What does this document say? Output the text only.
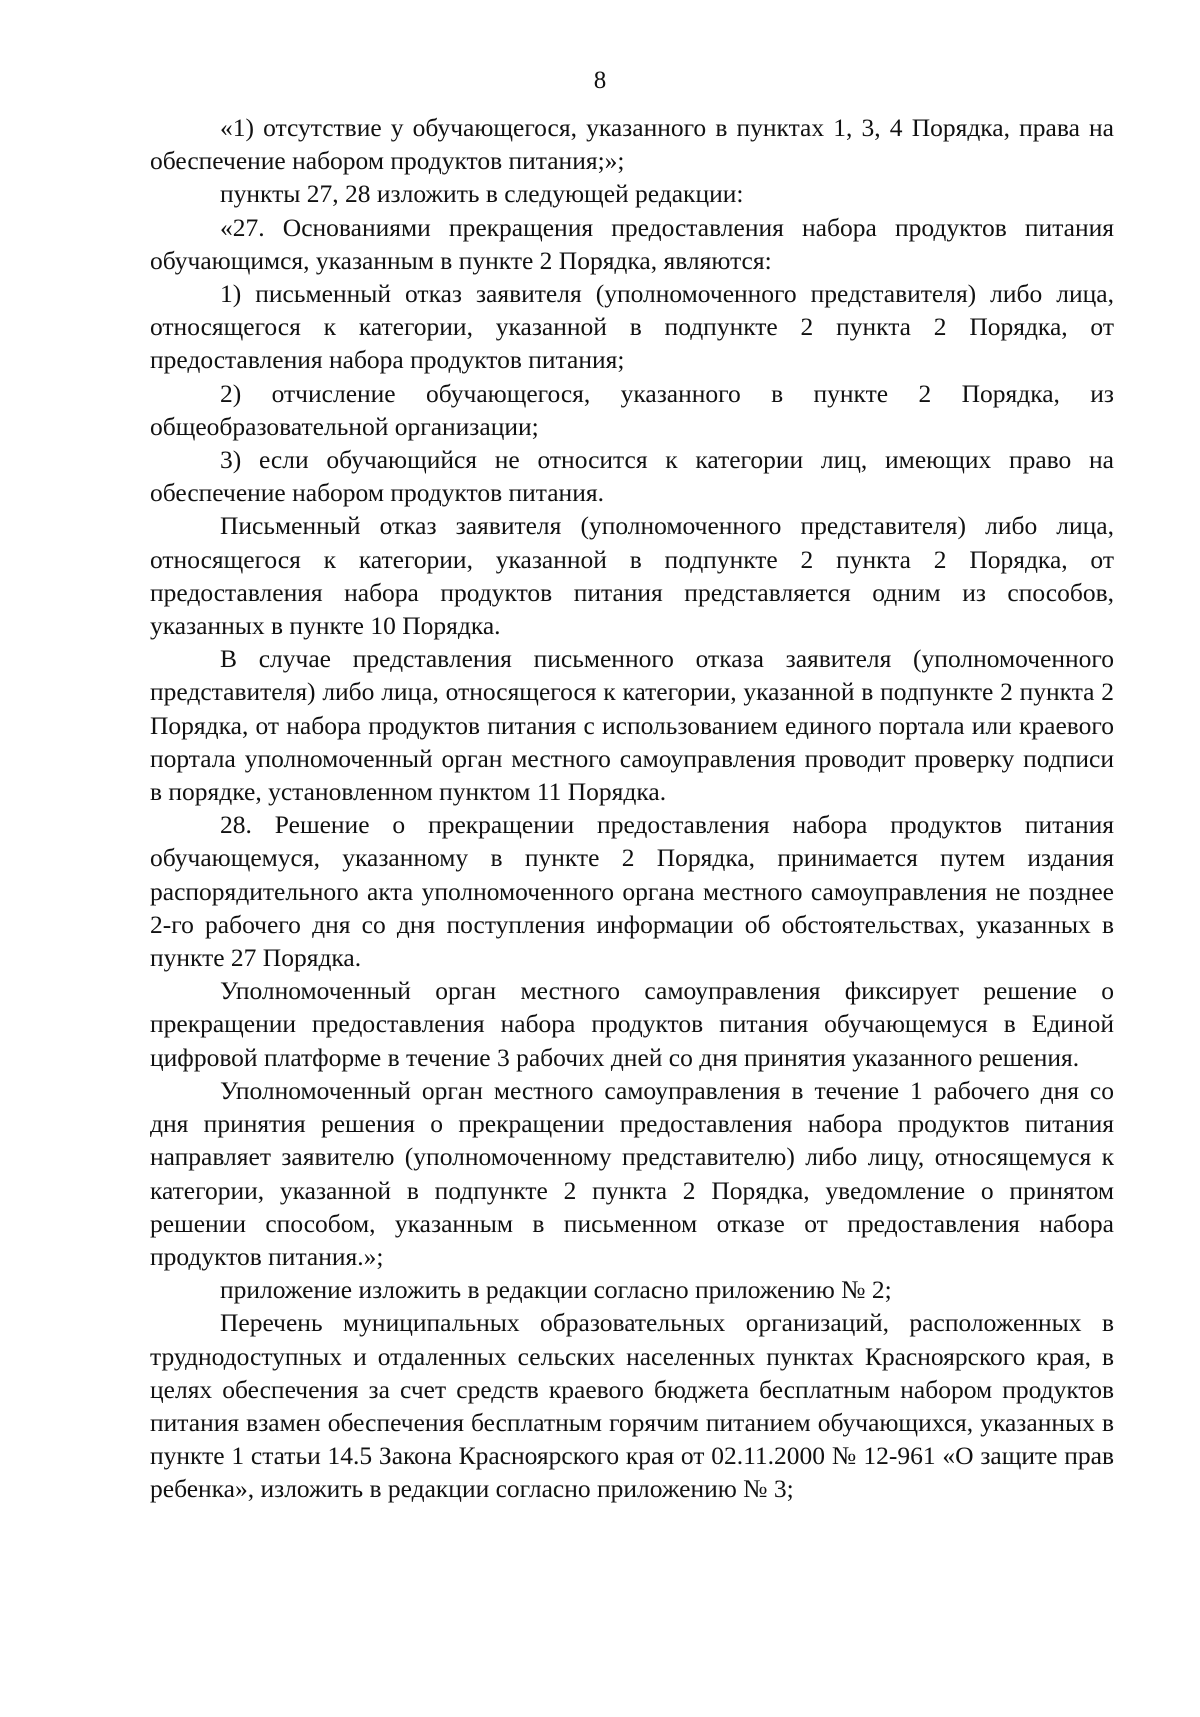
8

«1) отсутствие у обучающегося, указанного в пунктах 1, 3, 4 Порядка, права на обеспечение набором продуктов питания;»;

пункты 27, 28 изложить в следующей редакции:

«27. Основаниями прекращения предоставления набора продуктов питания обучающимся, указанным в пункте 2 Порядка, являются:

1) письменный отказ заявителя (уполномоченного представителя) либо лица, относящегося к категории, указанной в подпункте 2 пункта 2 Порядка, от предоставления набора продуктов питания;

2) отчисление обучающегося, указанного в пункте 2 Порядка, из общеобразовательной организации;

3) если обучающийся не относится к категории лиц, имеющих право на обеспечение набором продуктов питания.

Письменный отказ заявителя (уполномоченного представителя) либо лица, относящегося к категории, указанной в подпункте 2 пункта 2 Порядка, от предоставления набора продуктов питания представляется одним из способов, указанных в пункте 10 Порядка.

В случае представления письменного отказа заявителя (уполномоченного представителя) либо лица, относящегося к категории, указанной в подпункте 2 пункта 2 Порядка, от набора продуктов питания с использованием единого портала или краевого портала уполномоченный орган местного самоуправления проводит проверку подписи в порядке, установленном пунктом 11 Порядка.

28. Решение о прекращении предоставления набора продуктов питания обучающемуся, указанному в пункте 2 Порядка, принимается путем издания распорядительного акта уполномоченного органа местного самоуправления не позднее 2-го рабочего дня со дня поступления информации об обстоятельствах, указанных в пункте 27 Порядка.

Уполномоченный орган местного самоуправления фиксирует решение о прекращении предоставления набора продуктов питания обучающемуся в Единой цифровой платформе в течение 3 рабочих дней со дня принятия указанного решения.

Уполномоченный орган местного самоуправления в течение 1 рабочего дня со дня принятия решения о прекращении предоставления набора продуктов питания направляет заявителю (уполномоченному представителю) либо лицу, относящемуся к категории, указанной в подпункте 2 пункта 2 Порядка, уведомление о принятом решении способом, указанным в письменном отказе от предоставления набора продуктов питания.»;

приложение изложить в редакции согласно приложению № 2;

Перечень муниципальных образовательных организаций, расположенных в труднодоступных и отдаленных сельских населенных пунктах Красноярского края, в целях обеспечения за счет средств краевого бюджета бесплатным набором продуктов питания взамен обеспечения бесплатным горячим питанием обучающихся, указанных в пункте 1 статьи 14.5 Закона Красноярского края от 02.11.2000 № 12-961 «О защите прав ребенка», изложить в редакции согласно приложению № 3;
